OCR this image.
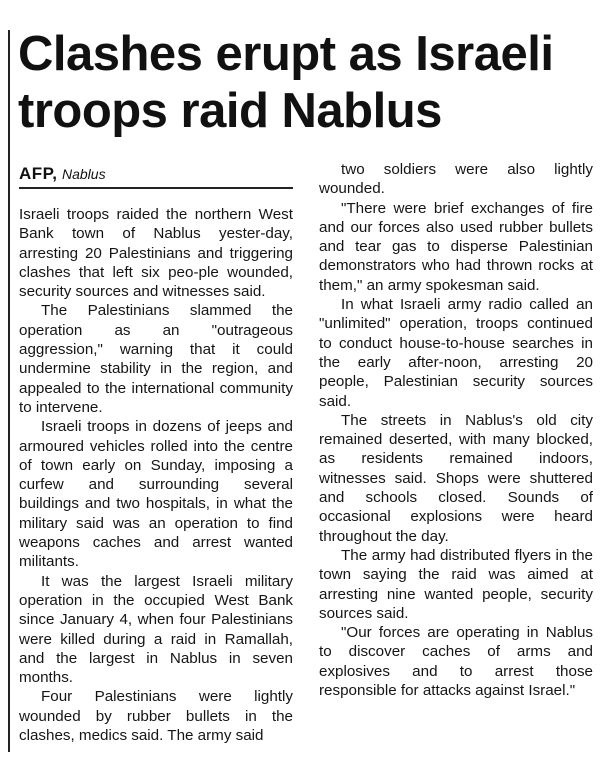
Clashes erupt as Israeli troops raid Nablus
AFP, Nablus

Israeli troops raided the northern West Bank town of Nablus yester-day, arresting 20 Palestinians and triggering clashes that left six peo-ple wounded, security sources and witnesses said.

The Palestinians slammed the operation as an "outrageous aggression," warning that it could undermine stability in the region, and appealed to the international community to intervene.

Israeli troops in dozens of jeeps and armoured vehicles rolled into the centre of town early on Sunday, imposing a curfew and surrounding several buildings and two hospitals, in what the military said was an operation to find weapons caches and arrest wanted militants.

It was the largest Israeli military operation in the occupied West Bank since January 4, when four Palestinians were killed during a raid in Ramallah, and the largest in Nablus in seven months.

Four Palestinians were lightly wounded by rubber bullets in the clashes, medics said. The army said

two soldiers were also lightly wounded.

"There were brief exchanges of fire and our forces also used rubber bullets and tear gas to disperse Palestinian demonstrators who had thrown rocks at them," an army spokesman said.

In what Israeli army radio called an "unlimited" operation, troops continued to conduct house-to-house searches in the early after-noon, arresting 20 people, Palestinian security sources said.

The streets in Nablus's old city remained deserted, with many blocked, as residents remained indoors, witnesses said. Shops were shuttered and schools closed. Sounds of occasional explosions were heard throughout the day.

The army had distributed flyers in the town saying the raid was aimed at arresting nine wanted people, security sources said.

"Our forces are operating in Nablus to discover caches of arms and explosives and to arrest those responsible for attacks against Israel."
